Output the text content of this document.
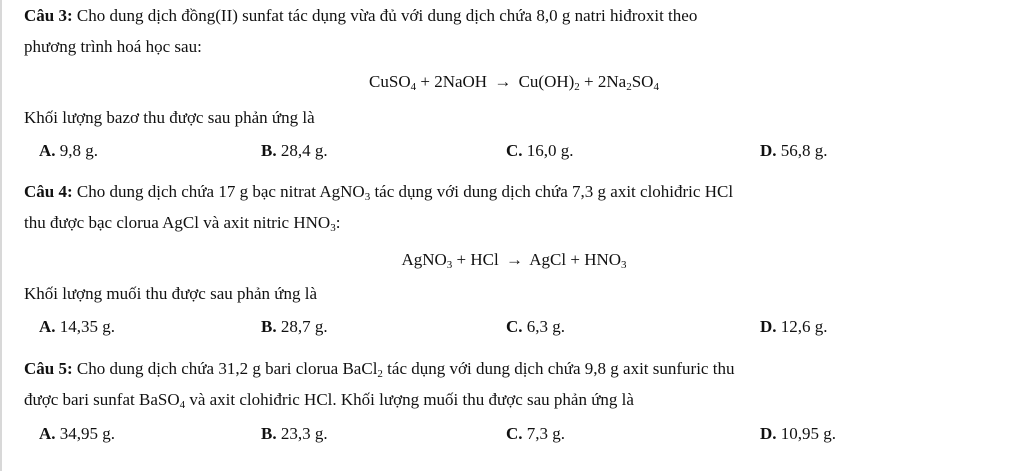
Câu 3: Cho dung dịch đồng(II) sunfat tác dụng vừa đủ với dung dịch chứa 8,0 g natri hiđroxit theo
phương trình hoá học sau:
CuSO$_4$ + 2NaOH → $Cu(OH)_2 + 2Na_2SO_4$
Khối lượng bazơ thu được sau phản ứng là
A. 9,8 g.	B. 28,4 g.	C. 16,0 g.	D. 56,8 g.
Câu 4: Cho dung dịch chứa 17 g bạc nitrat AgNO$_3$ tác dụng với dung dịch chứa 7,3 g axit clohiđric HCl
thu được bạc clorua AgCl và axit nitric $HNO_3$:
AgNO$_3$ + HCl → AgCl + $HNO_3$
Khối lượng muối thu được sau phản ứng là
A. 14,35 g.	B. 28,7 g.	C. 6,3 g.	D. 12,6 g.
Câu 5: Cho dung dịch chứa 31,2 g bari clorua BaCl$_2$ tác dụng với dung dịch chứa 9,8 g axit sunfuric thu
được bari sunfat BaSO$_4$ và axit clohiđric HCl. Khối lượng muối thu được sau phản ứng là
A. 34,95 g.	B. 23,3 g.	C. 7,3 g.	D. 10,95 g.
